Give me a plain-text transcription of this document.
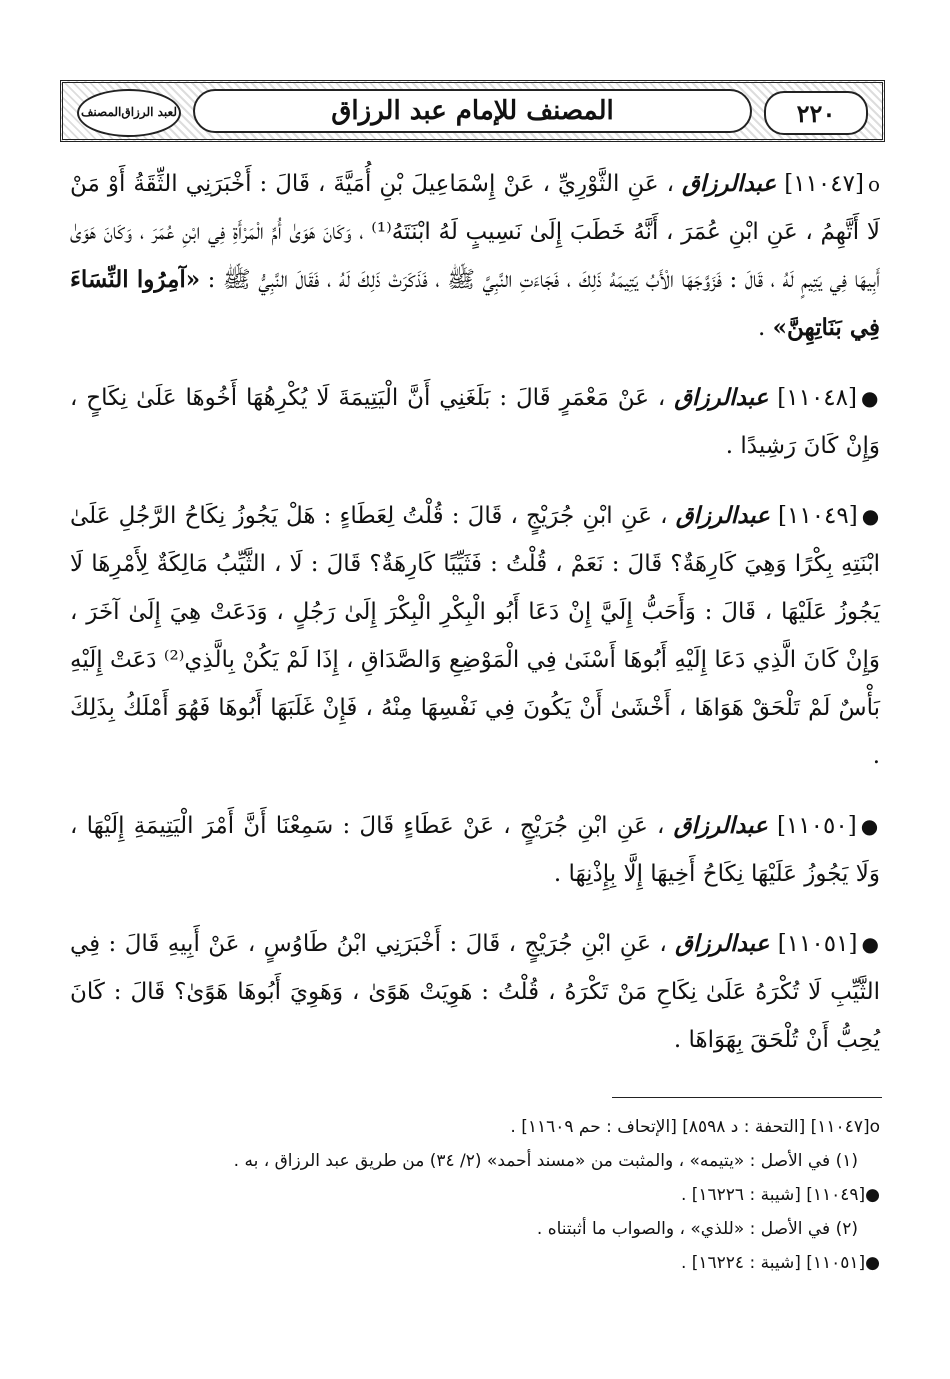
٢٢٠
المصنف للإمام عبد الرزاق
المصنف لعبد الرزاق

ο[١١٠٤٧] عبدالرزاق ، عَنِ الثَّوْرِيِّ ، عَنْ إِسْمَاعِيلَ بْنِ أُمَيَّةَ ، قَالَ : أَخْبَرَنِي الثِّقَةُ أَوْ مَنْ لَا أَتَّهِمُ ، عَنِ ابْنِ عُمَرَ ، أَنَّهُ خَطَبَ إِلَىٰ نَسِيبٍ لَهُ ابْنَتَهُ⁽¹⁾ ، وَكَانَ هَوَىٰ أُمِّ الْمَرْأَةِ فِي ابْنِ عُمَرَ ، وَكَانَ هَوَىٰ أَبِيهَا فِي يَتِيمٍ لَهُ ، قَالَ : فَزَوَّجَهَا الْأَبُ يَتِيمَهُ ذَلِكَ ، فَجَاءَتِ النَّبِيَّ ﷺ ، فَذَكَرَتْ ذَلِكَ لَهُ ، فَقَالَ النَّبِيُّ ﷺ : «آمِرُوا النِّسَاءَ فِي بَنَاتِهِنَّ» .

●[١١٠٤٨] عبدالرزاق ، عَنْ مَعْمَرٍ قَالَ : بَلَغَنِي أَنَّ الْيَتِيمَةَ لَا يُكْرِهُهَا أَخُوهَا عَلَىٰ نِكَاحٍ ، وَإِنْ كَانَ رَشِيدًا .

●[١١٠٤٩] عبدالرزاق ، عَنِ ابْنِ جُرَيْجٍ ، قَالَ : قُلْتُ لِعَطَاءٍ : هَلْ يَجُوزُ نِكَاحُ الرَّجُلِ عَلَىٰ ابْنَتِهِ بِكْرًا وَهِيَ كَارِهَةٌ؟ قَالَ : نَعَمْ ، قُلْتُ : فَثَيِّبًا كَارِهَةٌ؟ قَالَ : لَا ، الثَّيِّبُ مَالِكَةٌ لِأَمْرِهَا لَا يَجُوزُ عَلَيْهَا ، قَالَ : وَأَحَبُّ إِلَيَّ إِنْ دَعَا أَبُو الْبِكْرِ الْبِكْرَ إِلَىٰ رَجُلٍ ، وَدَعَتْ هِيَ إِلَىٰ آخَرَ ، وَإِنْ كَانَ الَّذِي دَعَا إِلَيْهِ أَبُوهَا أَسْنَىٰ فِي الْمَوْضِعِ وَالصَّدَاقِ ، إِذَا لَمْ يَكُنْ بِالَّذِي⁽²⁾ دَعَتْ إِلَيْهِ بَأْسٌ لَمْ تَلْحَقْ هَوَاهَا ، أَخْشَىٰ أَنْ يَكُونَ فِي نَفْسِهَا مِنْهُ ، فَإِنْ غَلَبَهَا أَبُوهَا فَهُوَ أَمْلَكُ بِذَلِكَ .

●[١١٠٥٠] عبدالرزاق ، عَنِ ابْنِ جُرَيْجٍ ، عَنْ عَطَاءٍ قَالَ : سَمِعْنَا أَنَّ أَمْرَ الْيَتِيمَةِ إِلَيْهَا ، وَلَا يَجُوزُ عَلَيْهَا نِكَاحُ أَخِيهَا إِلَّا بِإِذْنِهَا .

●[١١٠٥١] عبدالرزاق ، عَنِ ابْنِ جُرَيْجٍ ، قَالَ : أَخْبَرَنِي ابْنُ طَاوُسٍ ، عَنْ أَبِيهِ قَالَ : فِي الثَّيِّبِ لَا تُكْرَهُ عَلَىٰ نِكَاحِ مَنْ تَكْرَهُ ، قُلْتُ : هَوِيَتْ هَوًىٰ ، وَهَوِيَ أَبُوهَا هَوًىٰ؟ قَالَ : كَانَ يُحِبُّ أَنْ تُلْحَقَ بِهَوَاهَا .

ο[١١٠٤٧] [التحفة : د ٨٥٩٨] [الإتحاف : حم ١١٦٠٩] .

(١) في الأصل : «يتيمه» ، والمثبت من «مسند أحمد» (٢/ ٣٤) من طريق عبد الرزاق ، به .

●[١١٠٤٩] [شيبة : ١٦٢٢٦] .

(٢) في الأصل : «للذي» ، والصواب ما أثبتناه .

●[١١٠٥١] [شيبة : ١٦٢٢٤] .
